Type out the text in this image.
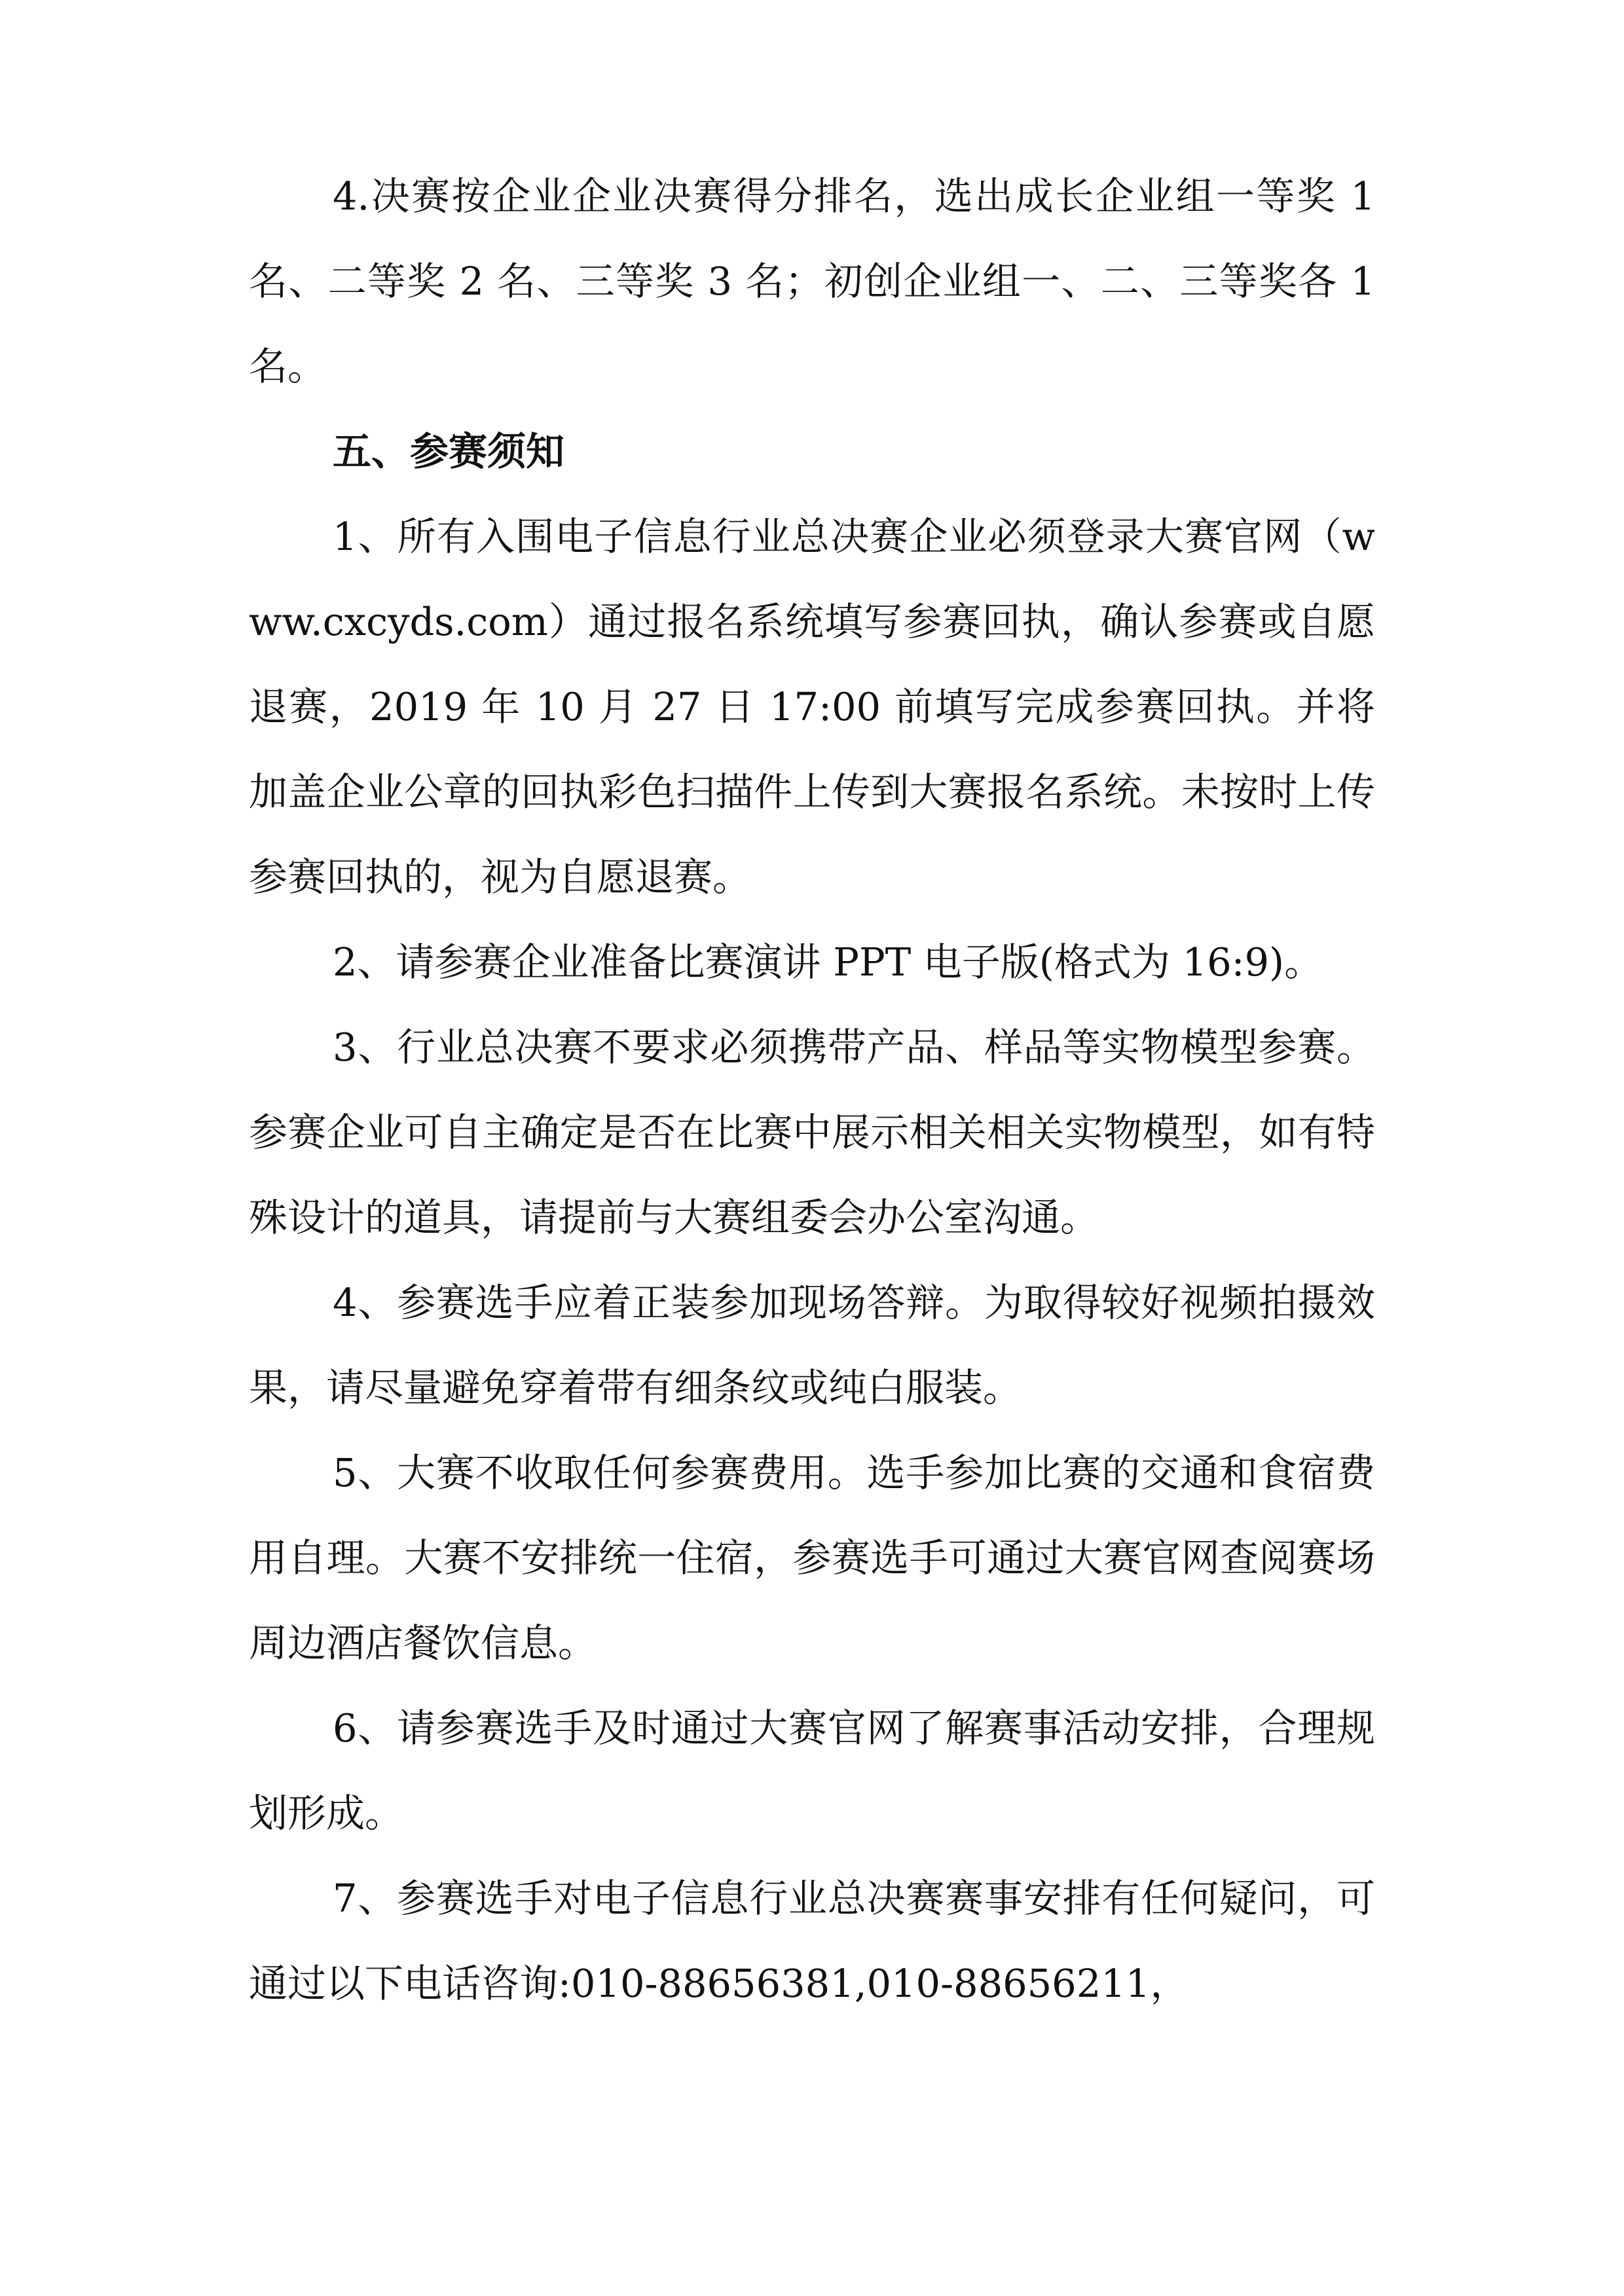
4.决赛按企业企业决赛得分排名，选出成长企业组一等奖 1 名、二等奖 2 名、三等奖 3 名；初创企业组一、二、三等奖各 1 名。

五、参赛须知

1、所有入围电子信息行业总决赛企业必须登录大赛官网（www.cxcyds.com）通过报名系统填写参赛回执，确认参赛或自愿退赛，2019 年 10 月 27 日 17:00 前填写完成参赛回执。并将加盖企业公章的回执彩色扫描件上传到大赛报名系统。未按时上传参赛回执的，视为自愿退赛。

2、请参赛企业准备比赛演讲 PPT 电子版(格式为 16:9)。

3、行业总决赛不要求必须携带产品、样品等实物模型参赛。参赛企业可自主确定是否在比赛中展示相关相关实物模型，如有特殊设计的道具，请提前与大赛组委会办公室沟通。

4、参赛选手应着正装参加现场答辩。为取得较好视频拍摄效果，请尽量避免穿着带有细条纹或纯白服装。

5、大赛不收取任何参赛费用。选手参加比赛的交通和食宿费用自理。大赛不安排统一住宿，参赛选手可通过大赛官网查阅赛场周边酒店餐饮信息。

6、请参赛选手及时通过大赛官网了解赛事活动安排，合理规划形成。

7、参赛选手对电子信息行业总决赛赛事安排有任何疑问，可通过以下电话咨询:010-88656381,010-88656211，
